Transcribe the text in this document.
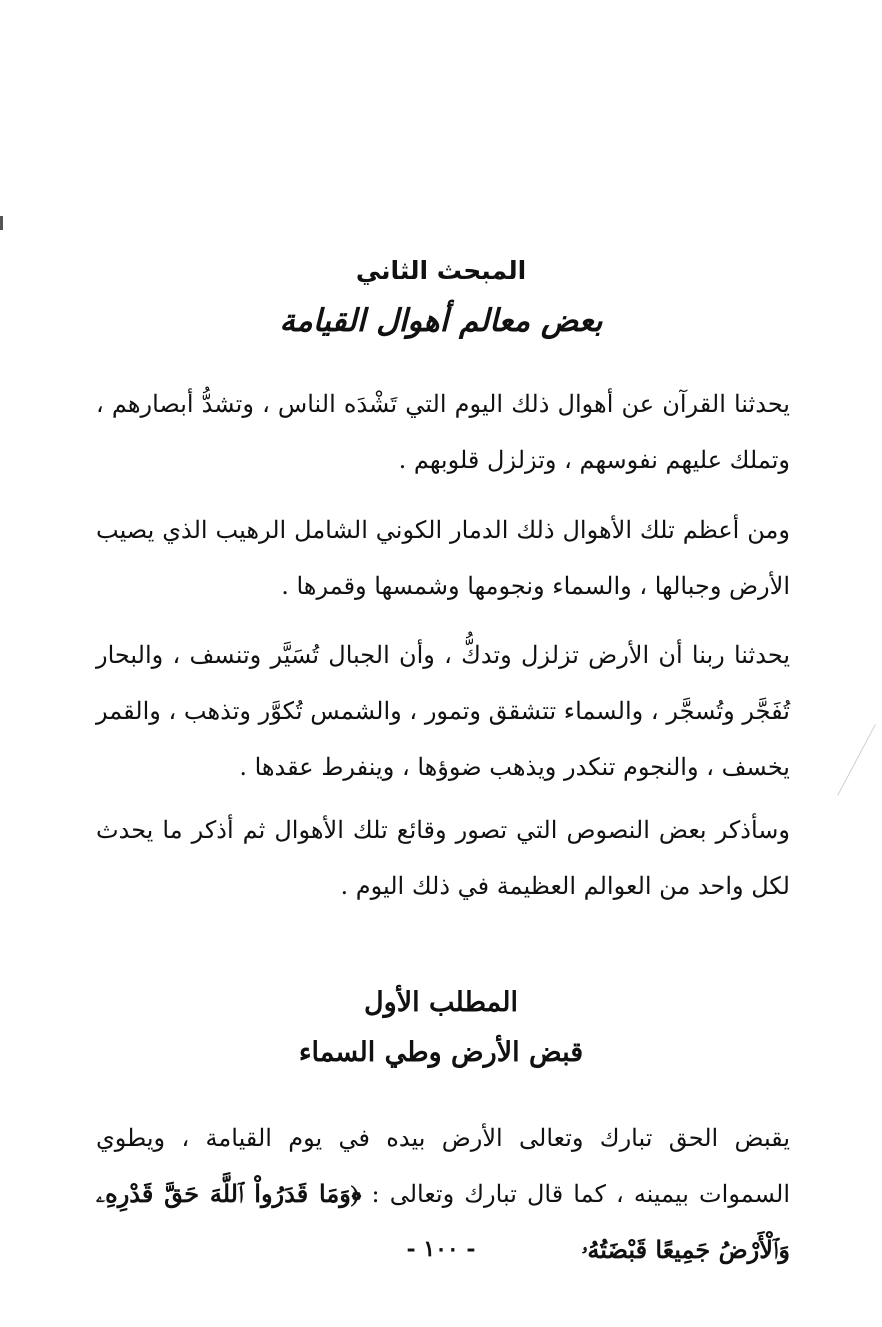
المبحث الثاني
بعض معالم أهوال القيامة

يحدثنا القرآن عن أهوال ذلك اليوم التي تَشْدَه الناس ، وتشدُّ أبصارهم ، وتملك عليهم نفوسهم ، وتزلزل قلوبهم .

ومن أعظم تلك الأهوال ذلك الدمار الكوني الشامل الرهيب الذي يصيب الأرض وجبالها ، والسماء ونجومها وشمسها وقمرها .

يحدثنا ربنا أن الأرض تزلزل وتدكُّ ، وأن الجبال تُسَيَّر وتنسف ، والبحار تُفَجَّر وتُسجَّر ، والسماء تتشقق وتمور ، والشمس تُكوَّر وتذهب ، والقمر يخسف ، والنجوم تنكدر ويذهب ضوؤها ، وينفرط عقدها .

وسأذكر بعض النصوص التي تصور وقائع تلك الأهوال ثم أذكر ما يحدث لكل واحد من العوالم العظيمة في ذلك اليوم .

المطلب الأول
قبض الأرض وطي السماء

يقبض الحق تبارك وتعالى الأرض بيده في يوم القيامة ، ويطوي السموات بيمينه ، كما قال تبارك وتعالى : ﴿وَمَا قَدَرُواْ ٱللَّهَ حَقَّ قَدْرِهِۦ وَٱلْأَرْضُ جَمِيعًا قَبْضَتُهُۥ

- ١٠٠ -
